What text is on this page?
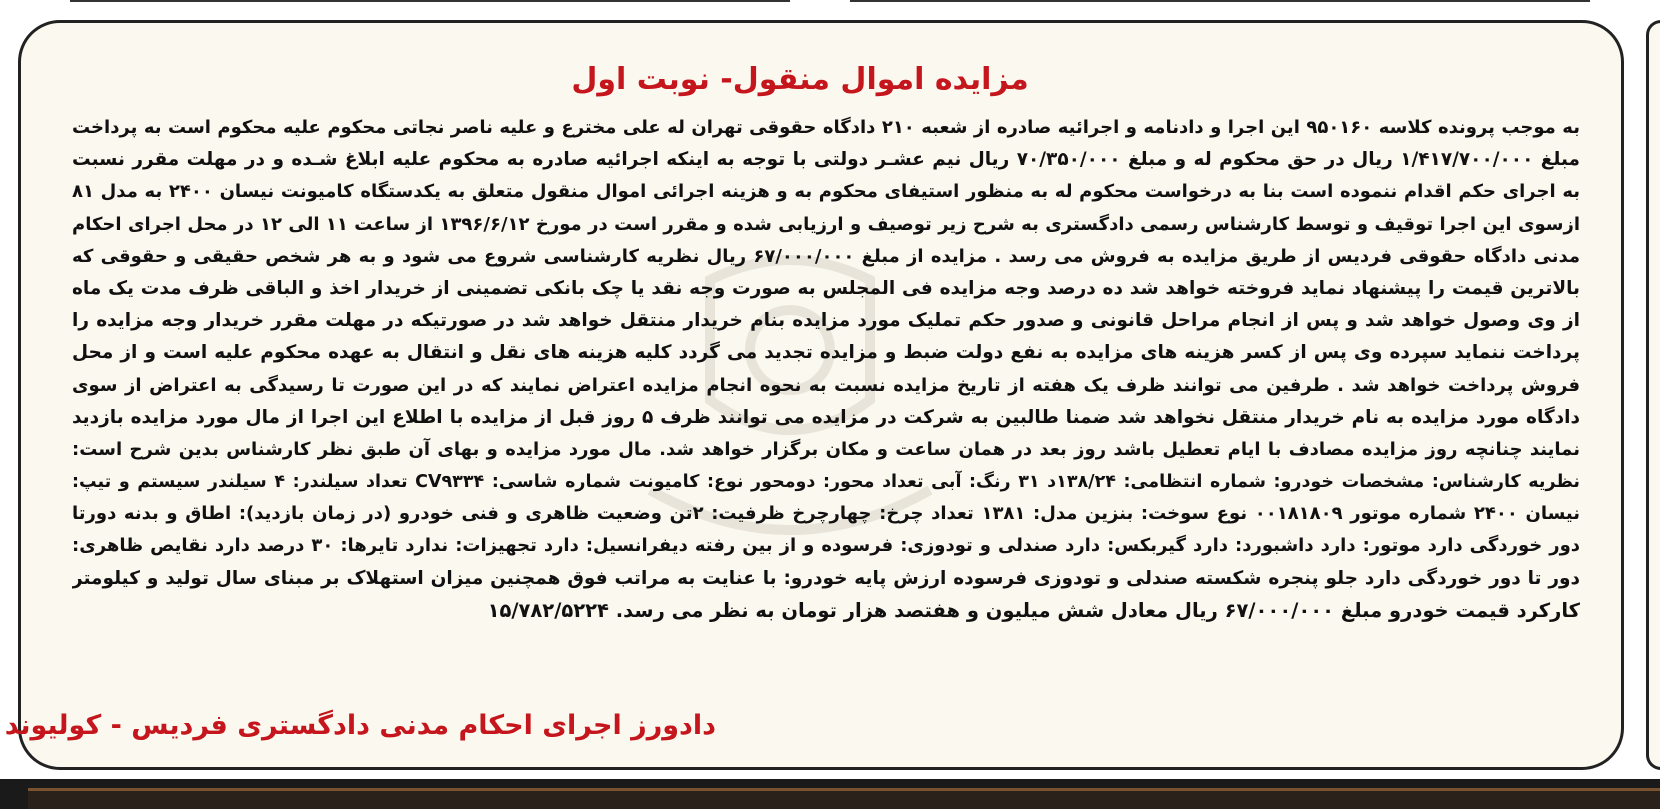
مزایده اموال منقول- نوبت اول
به موجب پرونده کلاسه ۹۵۰۱۶۰ این اجرا و دادنامه و اجرائیه صادره از شعبه ۲۱۰ دادگاه حقوقی تهران له علی مخترع و علیه ناصر نجاتی محکوم علیه محکوم است به پرداخت
مبلغ ۱/۴۱۷/۷۰۰/۰۰۰ ریال در حق محکوم له و مبلغ ۷۰/۳۵۰/۰۰۰ ریال نیم عشـر دولتی با توجه به اینکه اجرائیه صادره به محکوم علیه ابلاغ شـده و در مهلت مقرر نسبت
به اجرای حکم اقدام ننموده است بنا به درخواست محکوم له به منظور استیفای محکوم به و هزینه اجرائی اموال منقول متعلق به یکدستگاه کامیونت نیسان ۲۴۰۰ به مدل ۸۱
ازسوی این اجرا توقیف و توسط کارشناس رسمی دادگستری به شرح زیر توصیف و ارزیابی شده و مقرر است در مورخ ۱۳۹۶/۶/۱۲ از ساعت ۱۱ الی ۱۲ در محل اجرای احکام
مدنی دادگاه حقوقی فردیس از طریق مزایده به فروش می رسد . مزایده از مبلغ ۶۷/۰۰۰/۰۰۰ ریال نظریه کارشناسی شروع می شود و به هر شخص حقیقی و حقوقی که
بالاترین قیمت را پیشنهاد نماید فروخته خواهد شد ده درصد وجه مزایده فی المجلس به صورت وجه نقد یا چک بانکی تضمینی از خریدار اخذ و الباقی ظرف مدت یک ماه
از وی وصول خواهد شد و پس از انجام مراحل قانونی و صدور حکم تملیک مورد مزایده بنام خریدار منتقل خواهد شد در صورتیکه در مهلت مقرر خریدار وجه مزایده را
پرداخت ننماید سپرده وی پس از کسر هزینه های مزایده به نفع دولت ضبط و مزایده تجدید می گردد کلیه هزینه های نقل و انتقال به عهده محکوم علیه است و از محل
فروش پرداخت خواهد شد . طرفین می توانند ظرف یک هفته از تاریخ مزایده نسبت به نحوه انجام مزایده اعتراض نمایند که در این صورت تا رسیدگی به اعتراض از سوی
دادگاه مورد مزایده به نام خریدار منتقل نخواهد شد ضمنا طالبین به شرکت در مزایده می توانند ظرف ۵ روز قبل از مزایده با اطلاع این اجرا از مال مورد مزایده بازدید
نمایند چنانچه روز مزایده مصادف با ایام تعطیل باشد روز بعد در همان ساعت و مکان برگزار خواهد شد. مال مورد مزایده و بهای آن طبق نظر کارشناس بدین شرح است:
نظریه کارشناس: مشخصات خودرو: شماره انتظامی: ۱۳۸/۲۴د ۳۱ رنگ: آبی تعداد محور: دومحور نوع: کامیونت شماره شاسی: CV۹۳۳۴ تعداد سیلندر: ۴ سیلندر سیستم و تیپ:
نیسان ۲۴۰۰ شماره موتور ۰۰۱۸۱۸۰۹ نوع سوخت: بنزین مدل: ۱۳۸۱ تعداد چرخ: چهارچرخ ظرفیت: ۲تن وضعیت ظاهری و فنی خودرو (در زمان بازدید): اطاق و بدنه دورتا
دور خوردگی دارد موتور: دارد داشبورد: دارد گیربکس: دارد صندلی و تودوزی: فرسوده و از بین رفته دیفرانسیل: دارد تجهیزات: ندارد تایرها: ۳۰ درصد دارد نقایص ظاهری:
دور تا دور خوردگی دارد جلو پنجره شکسته صندلی و تودوزی فرسوده ارزش پایه خودرو: با عنایت به مراتب فوق همچنین میزان استهلاک بر مبنای سال تولید و کیلومتر
کارکرد قیمت خودرو مبلغ ۶۷/۰۰۰/۰۰۰ ریال معادل شش میلیون و هفتصد هزار تومان به نظر می رسد. ۱۵/۷۸۲/۵۲۲۴
دادورز اجرای احکام مدنی دادگستری فردیس - کولیوند
